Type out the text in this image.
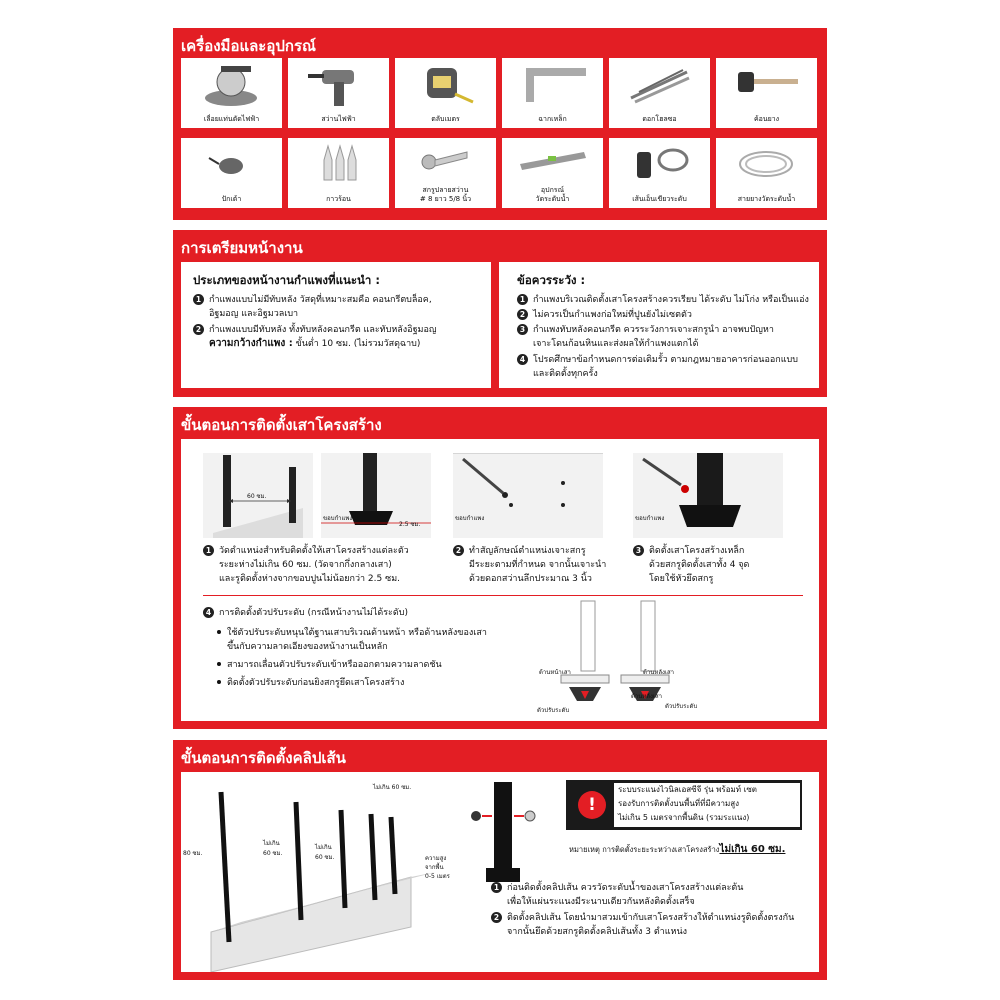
เครื่องมือและอุปกรณ์
เลื่อยแท่นตัดไฟฟ้า	สว่านไฟฟ้า	ตลับเมตร	ฉากเหล็ก	ดอกโฮลซอ	ค้อนยาง
ปักเต้า	กาวร้อน
สกรูปลายสว่าน
# 8 ยาว 5/8 นิ้ว
อุปกรณ์
วัดระดับน้ำ	เส้นเอ็นเขียวระดับ	สายยางวัดระดับน้ำ
การเตรียมหน้างาน
ประเภทของหน้างานกำแพงที่แนะนำ :
1 กำแพงแบบไม่มีทับหลัง วัสดุที่เหมาะสมคือ คอนกรีตบล็อค,
อิฐมอญ และอิฐมวลเบา
2 กำแพงแบบมีทับหลัง ทั้งทับหลังคอนกรีต และทับหลังอิฐมอญ
ความกว้างกำแพง : ขั้นต่ำ 10 ซม. (ไม่รวมวัสดุฉาบ)
ข้อควรระวัง :
1 กำแพงบริเวณติดตั้งเสาโครงสร้างควรเรียบ ได้ระดับ ไม่โก่ง หรือเป็นแอ่ง
2 ไม่ควรเป็นกำแพงก่อใหม่ที่ปูนยังไม่เซตตัว
3 กำแพงทับหลังคอนกรีต ควรระวังการเจาะสกรูนำ อาจพบปัญหา
เจาะโดนก้อนหินและส่งผลให้กำแพงแตกได้
4 โปรดศึกษาข้อกำหนดการต่อเติมรั้ว ตามกฎหมายอาคารก่อนออกแบบ
และติดตั้งทุกครั้ง
ขั้นตอนการติดตั้งเสาโครงสร้าง
60 ซม.
ขอบกำแพง
2.5 ซม.
ขอบกำแพง	ขอบกำแพง
1 วัดตำแหน่งสำหรับติดตั้งให้เสาโครงสร้างแต่ละตัว
ระยะห่างไม่เกิน 60 ซม. (วัดจากกึ่งกลางเสา)
และรูติดตั้งห่างจากขอบปูนไม่น้อยกว่า 2.5 ซม.
2 ทำสัญลักษณ์ตำแหน่งเจาะสกรู
มีระยะตามที่กำหนด จากนั้นเจาะนำ
ด้วยดอกสว่านลึกประมาณ 3 นิ้ว
3 ติดตั้งเสาโครงสร้างเหล็ก
ด้วยสกรูติดตั้งเสาทั้ง 4 จุด
โดยใช้หัวยึดสกรู
4 การติดตั้งตัวปรับระดับ (กรณีหน้างานไม่ได้ระดับ)
ใช้ตัวปรับระดับหนุนใต้ฐานเสาบริเวณด้านหน้า หรือด้านหลังของเสา
ขึ้นกับความลาดเอียงของหน้างานเป็นหลัก
สามารถเลื่อนตัวปรับระดับเข้าหรือออกตามความลาดชัน
ติดตั้งตัวปรับระดับก่อนยิงสกรูยึดเสาโครงสร้าง
ด้านหน้าเสา	ด้านหลังเสา
ด้านหลังเสา
ตัวปรับระดับ
ตัวปรับระดับ
ขั้นตอนการติดตั้งคลิปเส้น
ไม่เกิน 60 ซม.
80 ซม.
ไม่เกิน
60 ซม.
ไม่เกิน
60 ซม.	ความสูง
จากพื้น
0-5 เมตร
!
ระบบระแนงไวนิลเอสซีจี รุ่น พร้อมท์ เซต
รองรับการติดตั้งบนพื้นที่ที่มีความสูง
ไม่เกิน 5 เมตรจากพื้นดิน (รวมระแนง)
หมายเหตุ การติดตั้งระยะระหว่างเสาโครงสร้างไม่เกิน 60 ซม.
1 ก่อนติดตั้งคลิปเส้น ควรวัดระดับน้ำของเสาโครงสร้างแต่ละต้น
เพื่อให้แผ่นระแนงมีระนาบเดียวกันหลังติดตั้งเสร็จ
2 ติดตั้งคลิปเส้น โดยนำมาสวมเข้ากับเสาโครงสร้างให้ตำแหน่งรูติดตั้งตรงกัน
จากนั้นยึดด้วยสกรูติดตั้งคลิปเส้นทั้ง 3 ตำแหน่ง
